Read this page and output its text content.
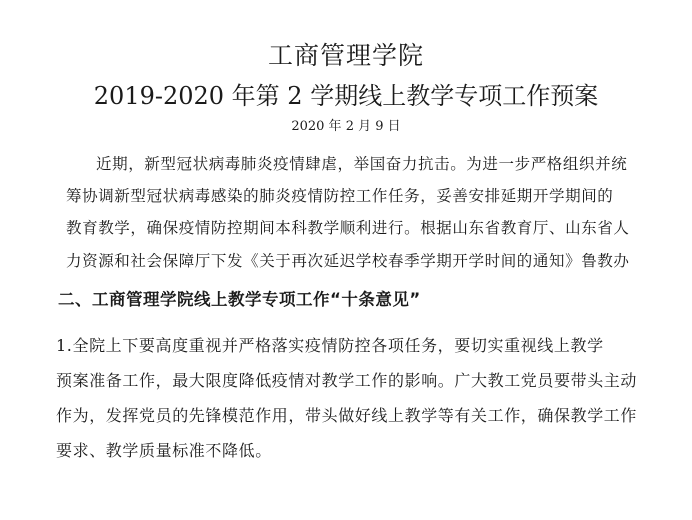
工商管理学院
2019-2020 年第 2 学期线上教学专项工作预案
2020 年 2 月 9 日
近期，新型冠状病毒肺炎疫情肆虐，举国奋力抗击。为进一步严格组织并统
筹协调新型冠状病毒感染的肺炎疫情防控工作任务，妥善安排延期开学期间的
教育教学，确保疫情防控期间本科教学顺利进行。根据山东省教育厅、山东省人
力资源和社会保障厅下发《关于再次延迟学校春季学期开学时间的通知》鲁教办
二、工商管理学院线上教学专项工作“十条意见”
1.全院上下要高度重视并严格落实疫情防控各项任务，要切实重视线上教学
预案准备工作，最大限度降低疫情对教学工作的影响。广大教工党员要带头主动
作为，发挥党员的先锋模范作用，带头做好线上教学等有关工作，确保教学工作
要求、教学质量标准不降低。
